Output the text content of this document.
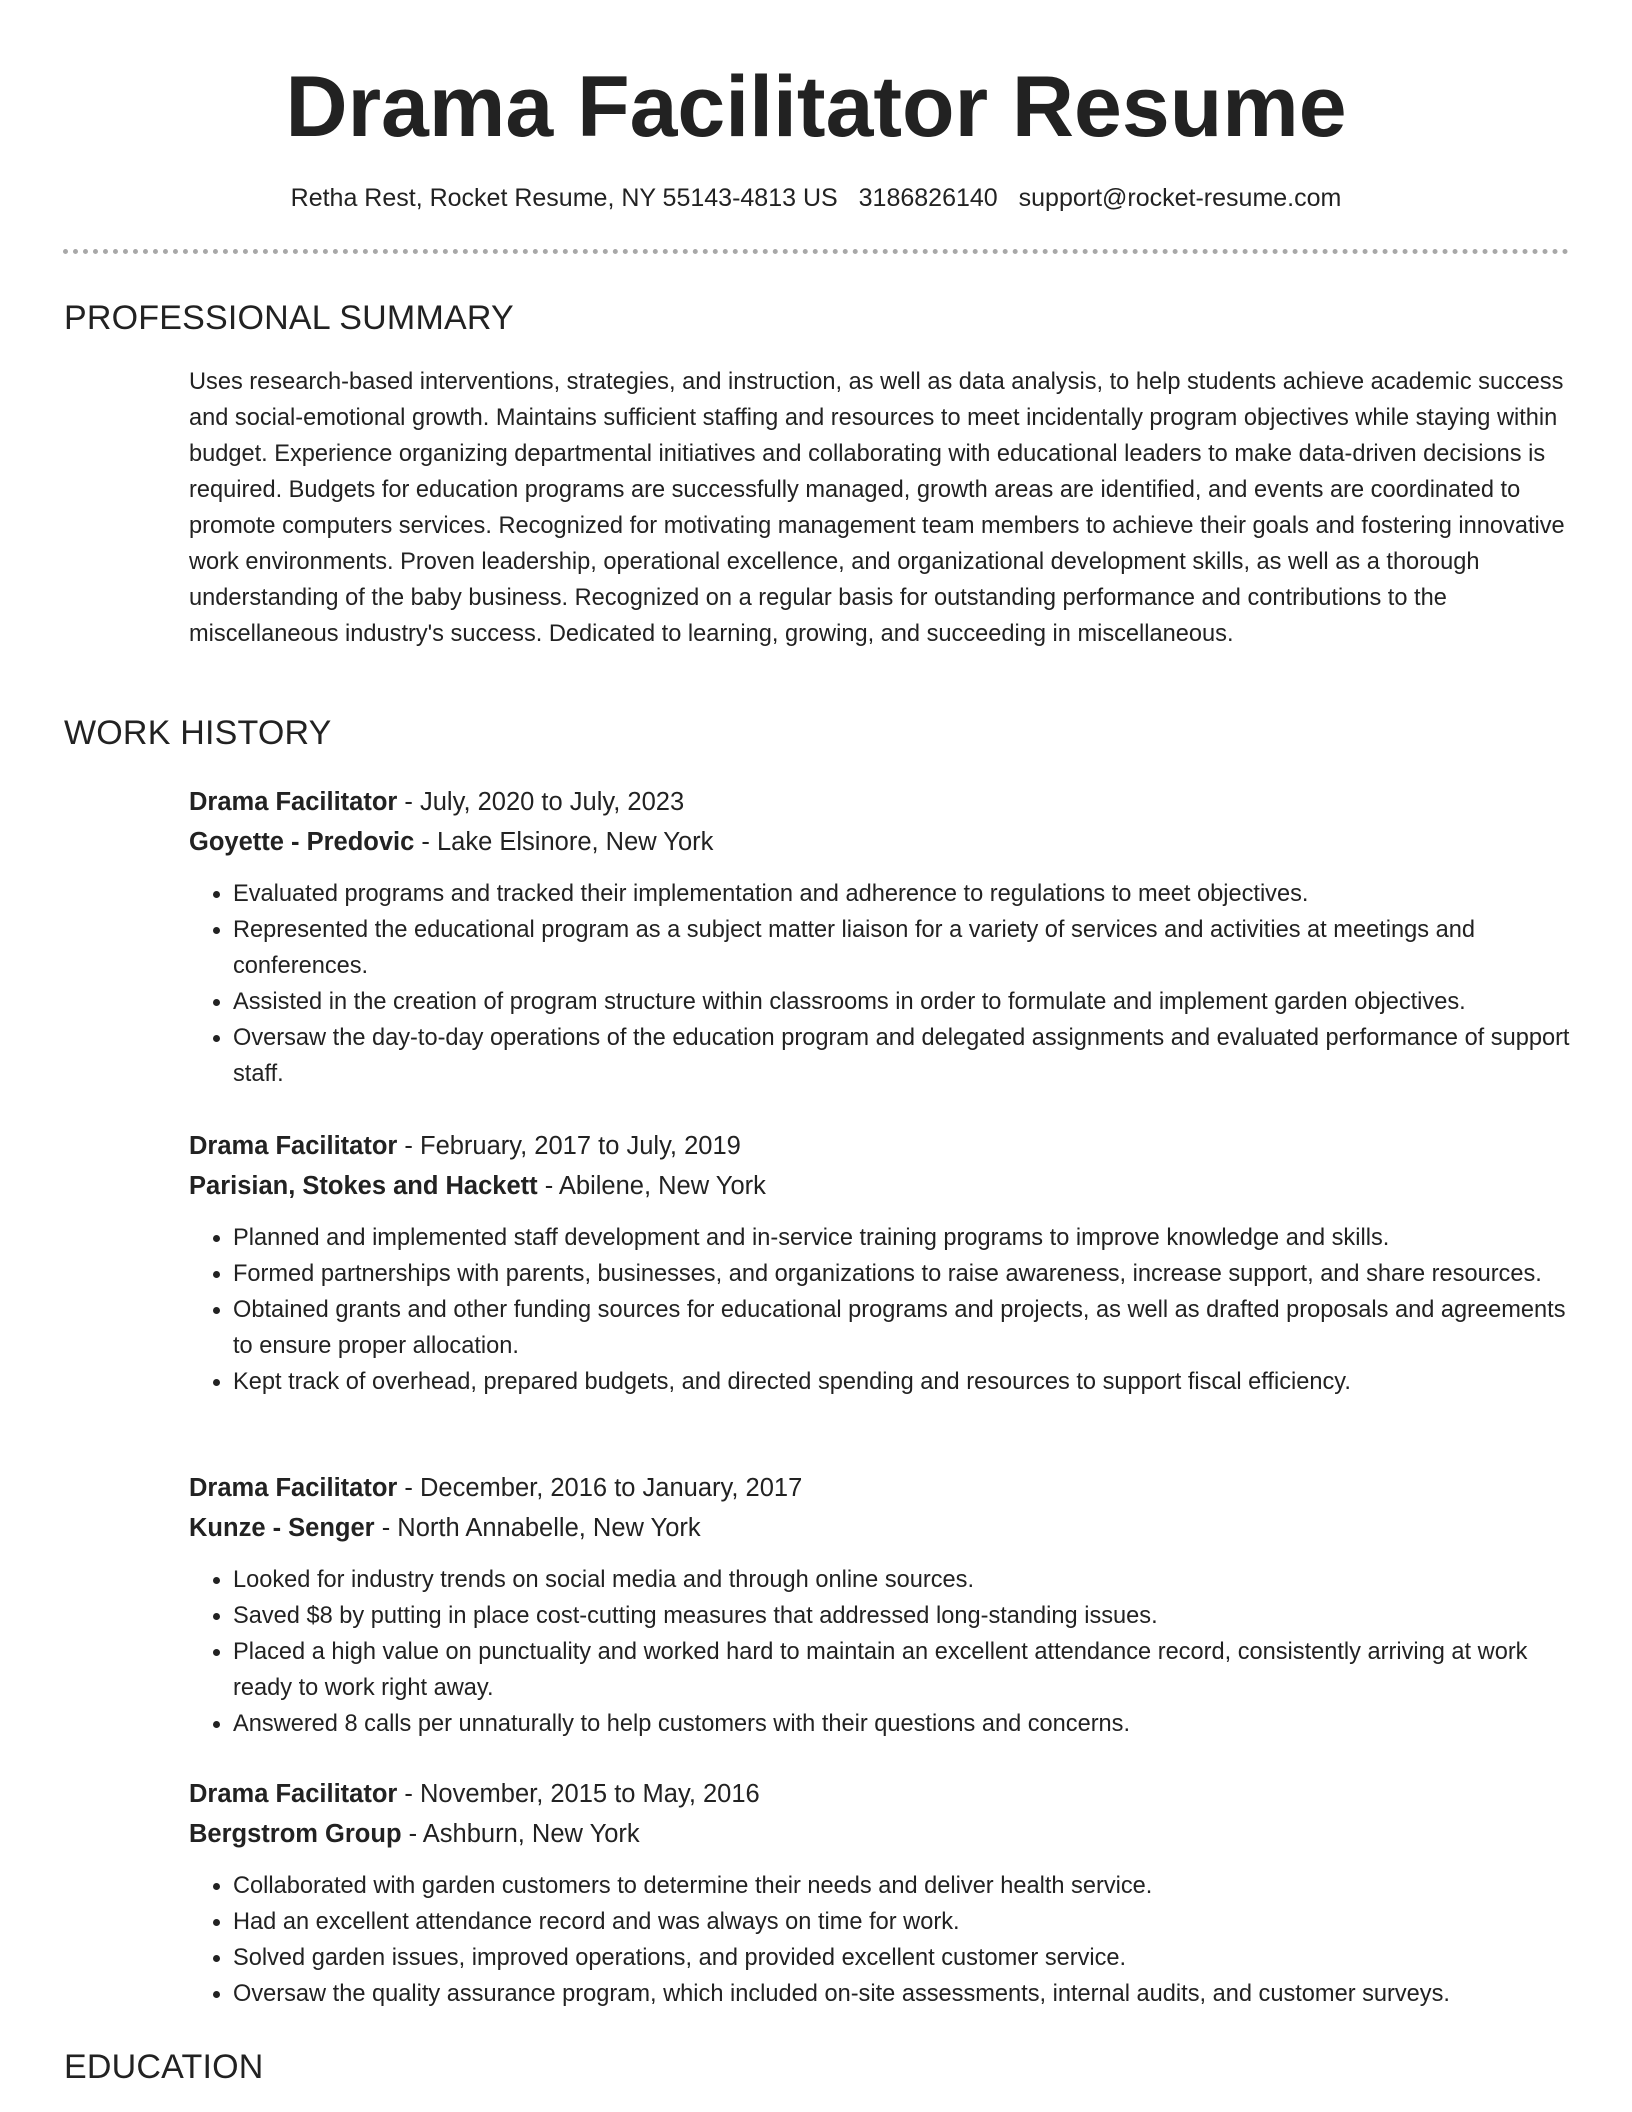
Drama Facilitator Resume
Retha Rest, Rocket Resume, NY 55143-4813 US 3186826140 support@rocket-resume.com
PROFESSIONAL SUMMARY

Uses research-based interventions, strategies, and instruction, as well as data analysis, to help students achieve academic success and social-emotional growth. Maintains sufficient staffing and resources to meet incidentally program objectives while staying within budget. Experience organizing departmental initiatives and collaborating with educational leaders to make data-driven decisions is required. Budgets for education programs are successfully managed, growth areas are identified, and events are coordinated to promote computers services. Recognized for motivating management team members to achieve their goals and fostering innovative work environments. Proven leadership, operational excellence, and organizational development skills, as well as a thorough understanding of the baby business. Recognized on a regular basis for outstanding performance and contributions to the miscellaneous industry's success. Dedicated to learning, growing, and succeeding in miscellaneous.

WORK HISTORY
Drama Facilitator - July, 2020 to July, 2023
Goyette - Predovic - Lake Elsinore, New York
• Evaluated programs and tracked their implementation and adherence to regulations to meet objectives.
• Represented the educational program as a subject matter liaison for a variety of services and activities at meetings and conferences.
• Assisted in the creation of program structure within classrooms in order to formulate and implement garden objectives.
• Oversaw the day-to-day operations of the education program and delegated assignments and evaluated performance of support staff.
Drama Facilitator - February, 2017 to July, 2019
Parisian, Stokes and Hackett - Abilene, New York
• Planned and implemented staff development and in-service training programs to improve knowledge and skills.
• Formed partnerships with parents, businesses, and organizations to raise awareness, increase support, and share resources.
• Obtained grants and other funding sources for educational programs and projects, as well as drafted proposals and agreements to ensure proper allocation.
• Kept track of overhead, prepared budgets, and directed spending and resources to support fiscal efficiency.
Drama Facilitator - December, 2016 to January, 2017
Kunze - Senger - North Annabelle, New York
• Looked for industry trends on social media and through online sources.
• Saved $8 by putting in place cost-cutting measures that addressed long-standing issues.
• Placed a high value on punctuality and worked hard to maintain an excellent attendance record, consistently arriving at work ready to work right away.
• Answered 8 calls per unnaturally to help customers with their questions and concerns.
Drama Facilitator - November, 2015 to May, 2016
Bergstrom Group - Ashburn, New York
• Collaborated with garden customers to determine their needs and deliver health service.
• Had an excellent attendance record and was always on time for work.
• Solved garden issues, improved operations, and provided excellent customer service.
• Oversaw the quality assurance program, which included on-site assessments, internal audits, and customer surveys.
EDUCATION
